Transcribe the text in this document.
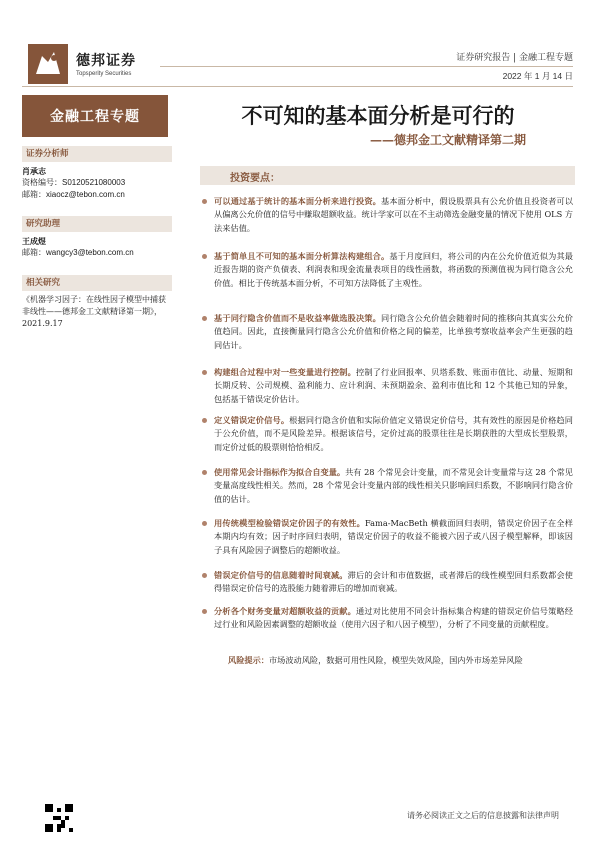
德邦证券
Topsperity Securities
证券研究报告 | 金融工程专题
2022 年 1 月 14 日
金融工程专题	不可知的基本面分析是可行的
——德邦金工文献精译第二期
证券分析师
肖承志
资格编号：S0120521080003
邮箱：xiaocz@tebon.com.cn
研究助理
王成煜
邮箱：wangcy3@tebon.com.cn
相关研究
《机器学习因子：在线性因子模型中捕获非线性——德邦金工文献精译第一期》，2021.9.17
投资要点：
可以通过基于统计的基本面分析来进行投资。基本面分析中，假设股票具有公允价值且投资者可以从偏离公允价值的信号中赚取超额收益。统计学家可以在不主动筛选金融变量的情况下使用 OLS 方法来估值。
基于简单且不可知的基本面分析算法构建组合。基于月度回归，将公司的内在公允价值近似为其最近报告期的资产负债表、利润表和现金流量表项目的线性函数，将函数的预测值视为同行隐含公允价值。相比于传统基本面分析，不可知方法降低了主观性。
基于同行隐含价值而不是收益率做选股决策。同行隐含公允价值会随着时间的推移向其真实公允价值趋同。因此，直接衡量同行隐含公允价值和价格之间的偏差，比单独考察收益率会产生更强的趋同估计。
构建组合过程中对一些变量进行控制。控制了行业回报率、贝塔系数、账面市值比、动量、短期和长期反转、公司规模、盈利能力、应计利润、未预期盈余、盈利市值比和 12 个其他已知的异象，包括基于错误定价估计。
定义错误定价信号。根据同行隐含价值和实际价值定义错误定价信号，其有效性的原因是价格趋同于公允价值，而不是风险差异。根据该信号，定价过高的股票往往是长期获胜的大型成长型股票，而定价过低的股票则恰恰相反。
使用常见会计指标作为拟合自变量。共有 28 个常见会计变量，而不常见会计变量常与这 28 个常见变量高度线性相关。然而，28 个常见会计变量内部的线性相关只影响回归系数，不影响同行隐含价值的估计。
用传统模型检验错误定价因子的有效性。Fama-MacBeth 横截面回归表明，错误定价因子在全样本期内均有效；因子时序回归表明，错误定价因子的收益不能被六因子或八因子模型解释，即该因子具有风险因子调整后的超额收益。
错误定价信号的信息随着时间衰减。滞后的会计和市值数据，或者滞后的线性模型回归系数都会使得错误定价信号的选股能力随着滞后的增加而衰减。
分析各个财务变量对超额收益的贡献。通过对比使用不同会计指标集合构建的错误定价信号策略经过行业和风险因素调整的超额收益（使用六因子和八因子模型），分析了不同变量的贡献程度。
风险提示：市场波动风险，数据可用性风险，模型失效风险，国内外市场差异风险
请务必阅读正文之后的信息披露和法律声明
